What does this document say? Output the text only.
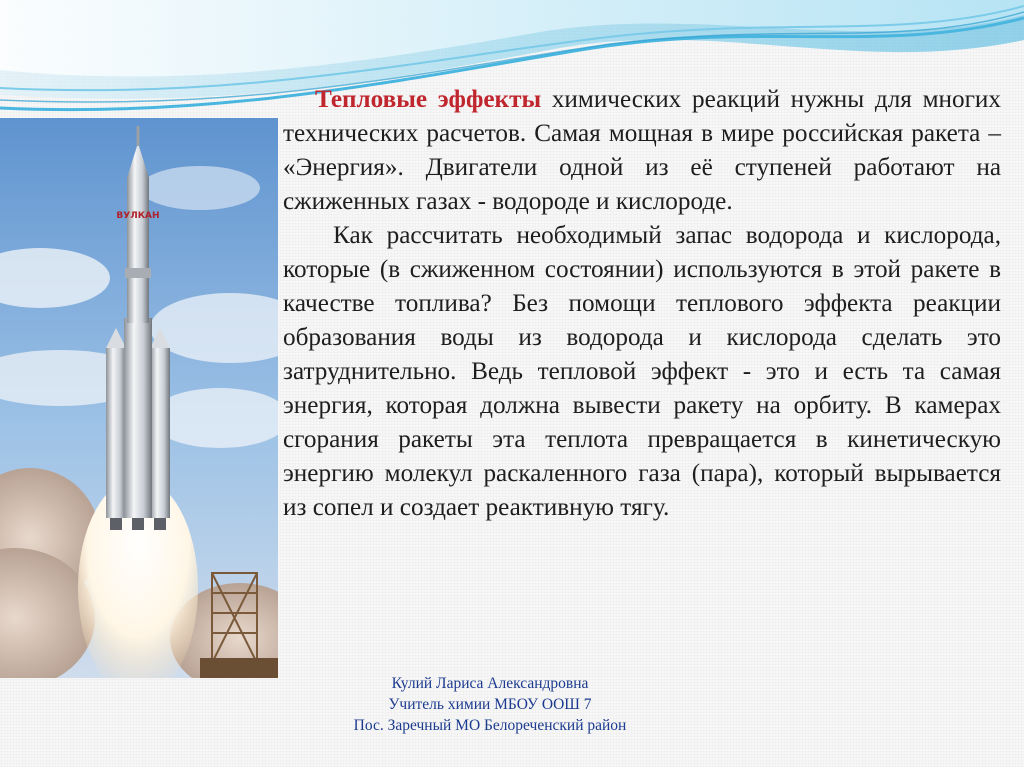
ВУЛКАН

Тепловые эффекты химических реакций нужны для многих технических расчетов. Самая мощная в мире российская ракета – «Энергия». Двигатели одной из её ступеней работают на сжиженных газах - водороде и кислороде.

Как рассчитать необходимый запас водорода и кислорода, которые (в сжиженном состоянии) используются в этой ракете в качестве топлива? Без помощи теплового эффекта реакции образования воды из водорода и кислорода сделать это затруднительно. Ведь тепловой эффект - это и есть та самая энергия, которая должна вывести ракету на орбиту. В камерах сгорания ракеты эта теплота превращается в кинетическую энергию молекул раскаленного газа (пара), который вырывается из сопел и создает реактивную тягу.

Кулий Лариса Александровна
Учитель химии МБОУ ООШ 7
Пос. Заречный МО Белореченский район
